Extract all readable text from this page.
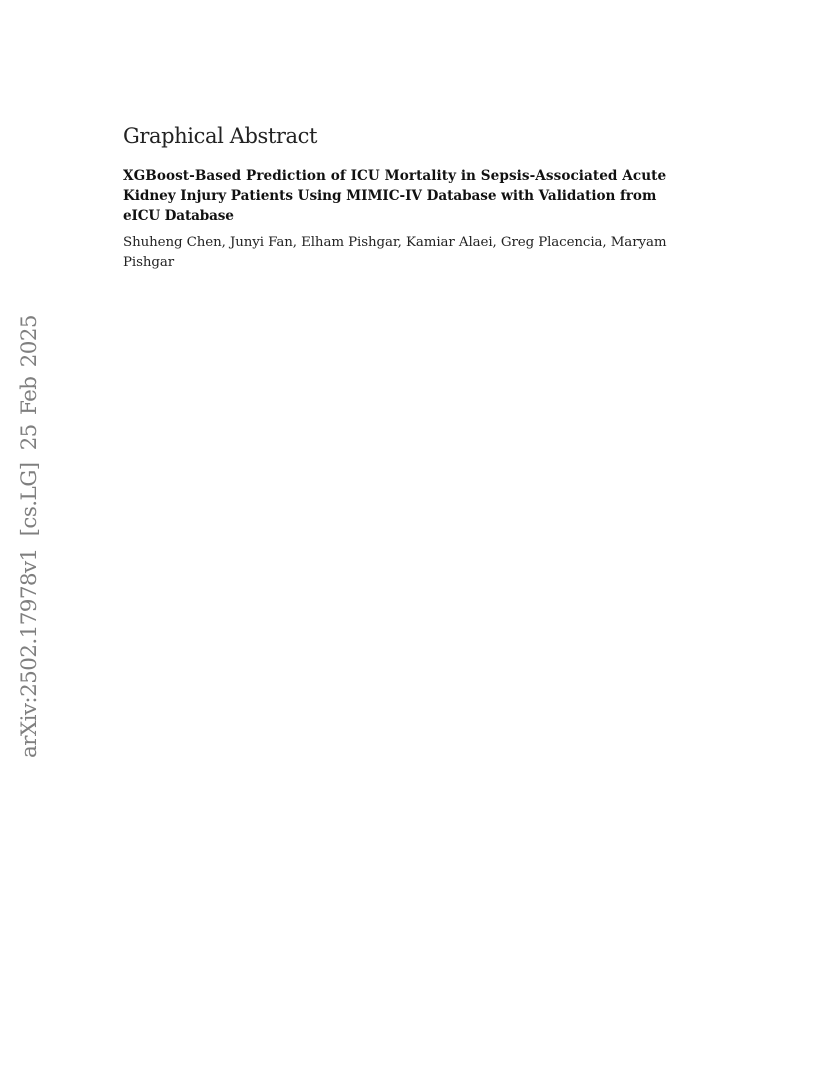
arXiv:2502.17978v1[cs.LG]25 Feb 2025
Graphical Abstract
XGBoost-Based Prediction of ICU Mortality in Sepsis-Associated Acute
Kidney Injury Patients Using MIMIC-IV Database with Validation from
eICU Database

Shuheng Chen, Junyi Fan, Elham Pishgar, Kamiar Alaei, Greg Placencia, Maryam
Pishgar
